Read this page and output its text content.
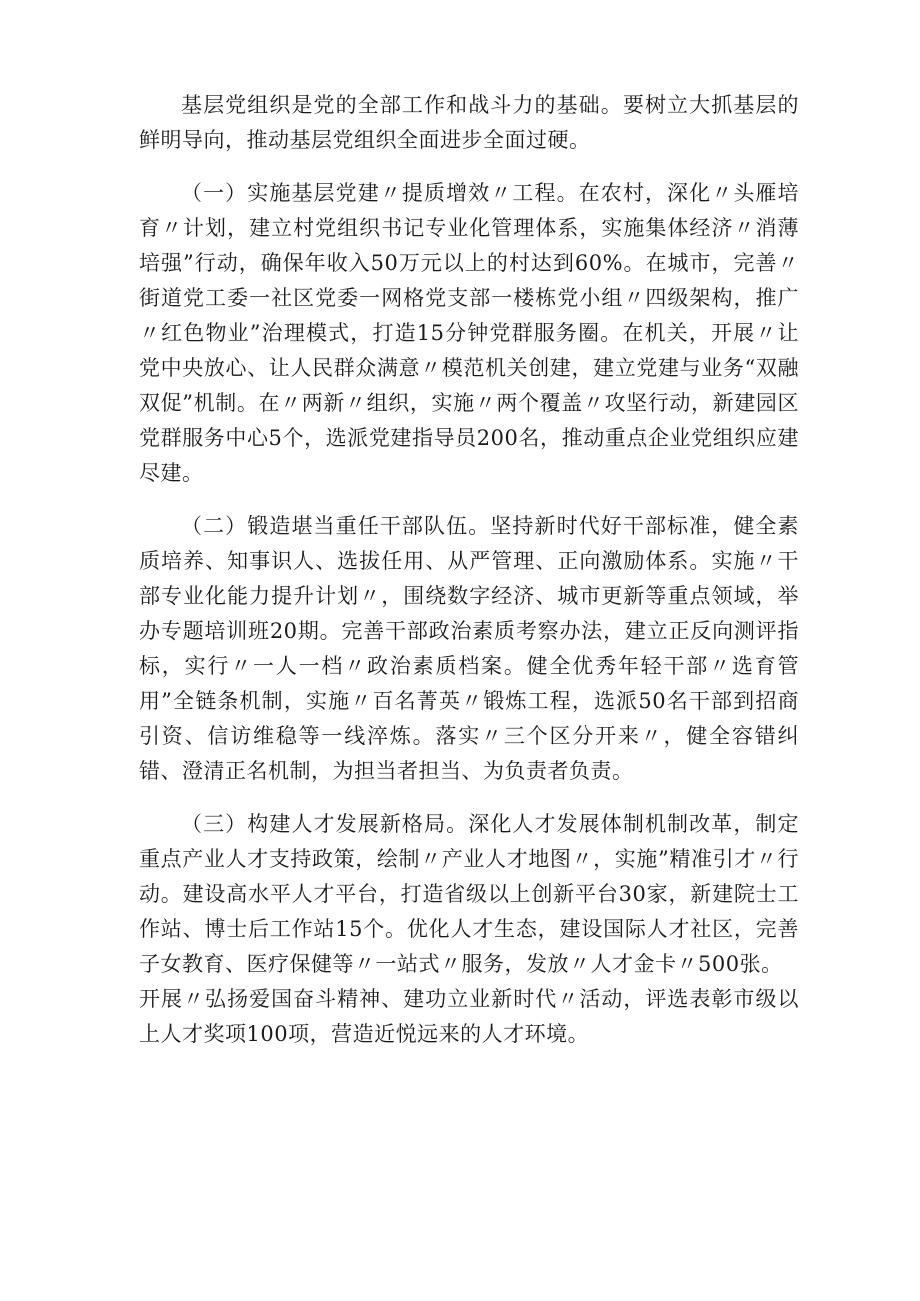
基层党组织是党的全部工作和战斗力的基础。要树立大抓基层的鲜明导向，推动基层党组织全面进步全面过硬。

（一）实施基层党建〃提质增效〃工程。在农村，深化〃头雁培育〃计划，建立村党组织书记专业化管理体系，实施集体经济〃消薄培强”行动，确保年收入50万元以上的村达到60%。在城市，完善〃街道党工委一社区党委一网格党支部一楼栋党小组〃四级架构，推广〃红色物业”治理模式，打造15分钟党群服务圈。在机关，开展〃让党中央放心、让人民群众满意〃模范机关创建，建立党建与业务“双融双促”机制。在〃两新〃组织，实施〃两个覆盖〃攻坚行动，新建园区党群服务中心5个，选派党建指导员200名，推动重点企业党组织应建尽建。

（二）锻造堪当重任干部队伍。坚持新时代好干部标准，健全素质培养、知事识人、选拔任用、从严管理、正向激励体系。实施〃干部专业化能力提升计划〃，围绕数字经济、城市更新等重点领域，举办专题培训班20期。完善干部政治素质考察办法，建立正反向测评指标，实行〃一人一档〃政治素质档案。健全优秀年轻干部〃选育管用”全链条机制，实施〃百名菁英〃锻炼工程，选派50名干部到招商引资、信访维稳等一线淬炼。落实〃三个区分开来〃，健全容错纠错、澄清正名机制，为担当者担当、为负责者负责。

（三）构建人才发展新格局。深化人才发展体制机制改革，制定重点产业人才支持政策，绘制〃产业人才地图〃，实施”精准引才〃行动。建设高水平人才平台，打造省级以上创新平台30家，新建院士工作站、博士后工作站15个。优化人才生态，建设国际人才社区，完善子女教育、医疗保健等〃一站式〃服务，发放〃人才金卡〃500张。

开展〃弘扬爱国奋斗精神、建功立业新时代〃活动，评选表彰市级以上人才奖项100项，营造近悦远来的人才环境。
